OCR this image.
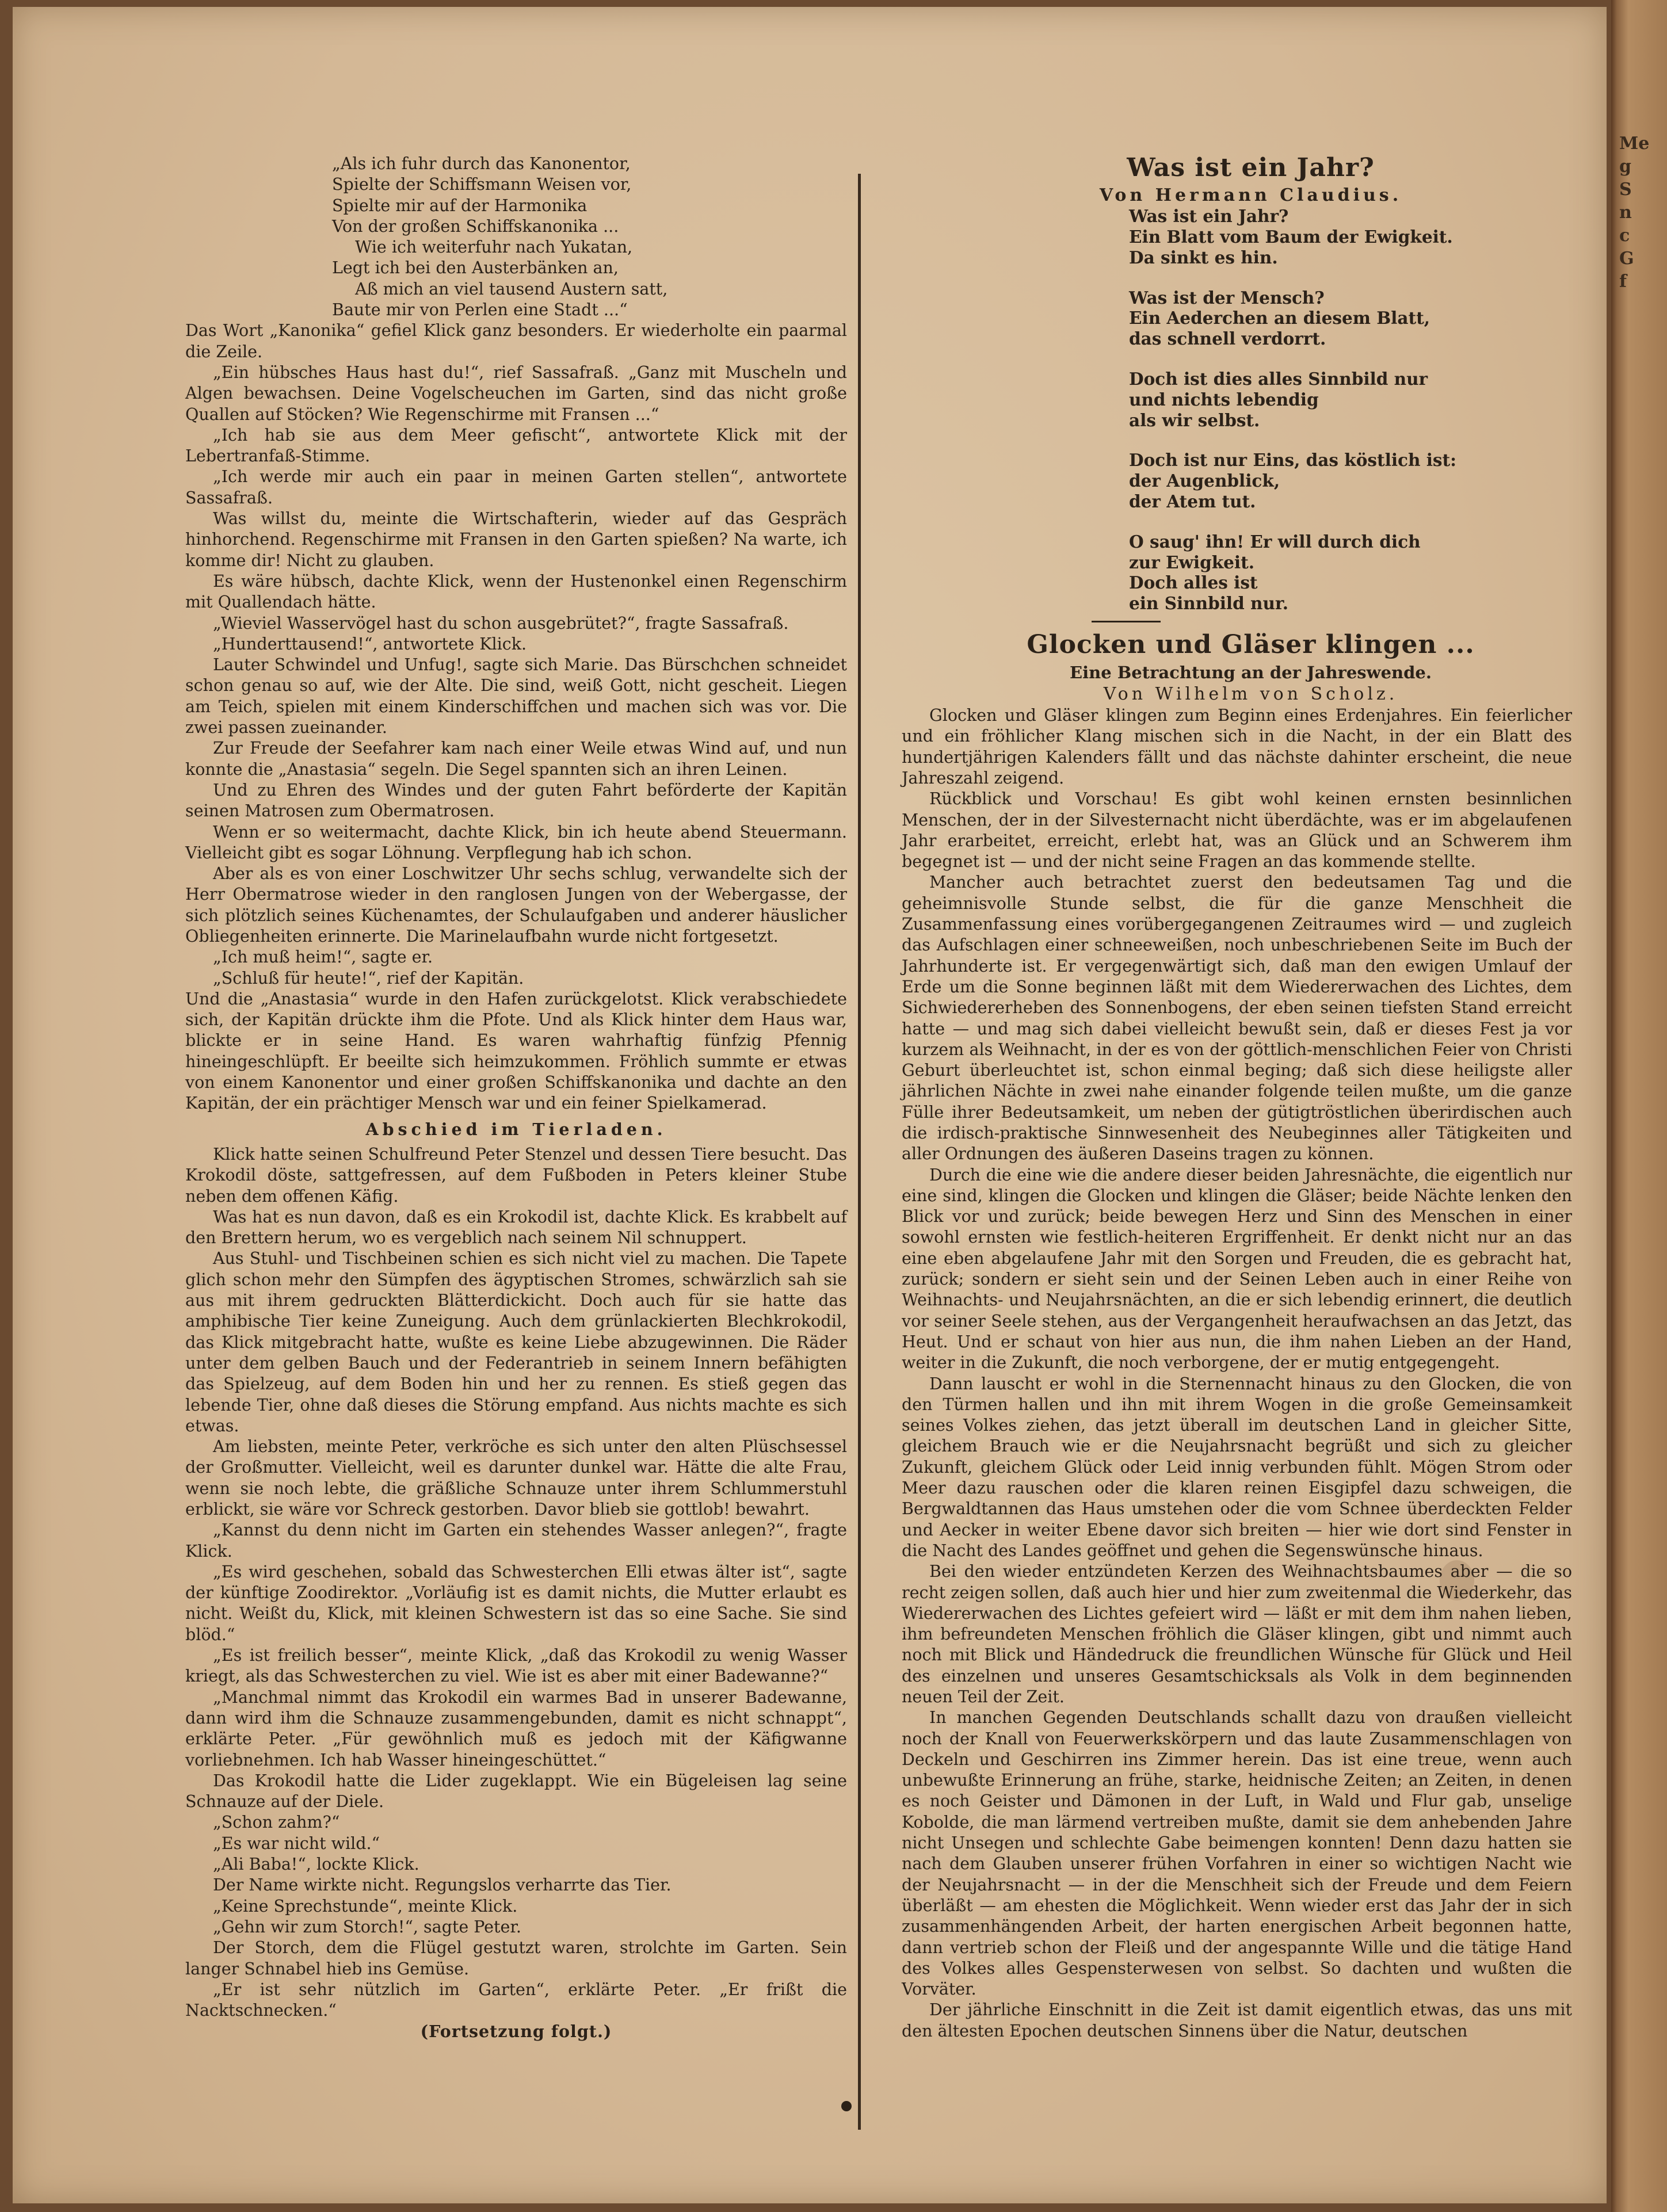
Me
g
S
n
c
G
f
„Als ich fuhr durch das Kanonentor,
Spielte der Schiffsmann Weisen vor,
Spielte mir auf der Harmonika
Von der großen Schiffskanonika ...
Wie ich weiterfuhr nach Yukatan,
Legt ich bei den Austerbänken an,
Aß mich an viel tausend Austern satt,
Baute mir von Perlen eine Stadt ...“

Das Wort „Kanonika“ gefiel Klick ganz besonders. Er wiederholte ein paarmal die Zeile.

„Ein hübsches Haus hast du!“, rief Sassafraß. „Ganz mit Muscheln und Algen bewachsen. Deine Vogelscheuchen im Garten, sind das nicht große Quallen auf Stöcken? Wie Regenschirme mit Fransen ...“

„Ich hab sie aus dem Meer gefischt“, antwortete Klick mit der Lebertranfaß-Stimme.

„Ich werde mir auch ein paar in meinen Garten stellen“, antwortete Sassafraß.

Was willst du, meinte die Wirtschafterin, wieder auf das Gespräch hinhorchend. Regenschirme mit Fransen in den Garten spießen? Na warte, ich komme dir! Nicht zu glauben.

Es wäre hübsch, dachte Klick, wenn der Hustenonkel einen Regenschirm mit Quallendach hätte.

„Wieviel Wasservögel hast du schon ausgebrütet?“, fragte Sassafraß.

„Hunderttausend!“, antwortete Klick.

Lauter Schwindel und Unfug!, sagte sich Marie. Das Bürschchen schneidet schon genau so auf, wie der Alte. Die sind, weiß Gott, nicht gescheit. Liegen am Teich, spielen mit einem Kinderschiffchen und machen sich was vor. Die zwei passen zueinander.

Zur Freude der Seefahrer kam nach einer Weile etwas Wind auf, und nun konnte die „Anastasia“ segeln. Die Segel spannten sich an ihren Leinen.

Und zu Ehren des Windes und der guten Fahrt beförderte der Kapitän seinen Matrosen zum Obermatrosen.

Wenn er so weitermacht, dachte Klick, bin ich heute abend Steuermann. Vielleicht gibt es sogar Löhnung. Verpflegung hab ich schon.

Aber als es von einer Loschwitzer Uhr sechs schlug, verwandelte sich der Herr Obermatrose wieder in den ranglosen Jungen von der Webergasse, der sich plötzlich seines Küchenamtes, der Schulaufgaben und anderer häuslicher Obliegenheiten erinnerte. Die Marinelaufbahn wurde nicht fortgesetzt.

„Ich muß heim!“, sagte er.

„Schluß für heute!“, rief der Kapitän.

Und die „Anastasia“ wurde in den Hafen zurückgelotst. Klick verabschiedete sich, der Kapitän drückte ihm die Pfote. Und als Klick hinter dem Haus war, blickte er in seine Hand. Es waren wahrhaftig fünfzig Pfennig hineingeschlüpft. Er beeilte sich heimzukommen. Fröhlich summte er etwas von einem Kanonentor und einer großen Schiffskanonika und dachte an den Kapitän, der ein prächtiger Mensch war und ein feiner Spielkamerad.

Abschied im Tierladen.

Klick hatte seinen Schulfreund Peter Stenzel und dessen Tiere besucht. Das Krokodil döste, sattgefressen, auf dem Fußboden in Peters kleiner Stube neben dem offenen Käfig.

Was hat es nun davon, daß es ein Krokodil ist, dachte Klick. Es krabbelt auf den Brettern herum, wo es vergeblich nach seinem Nil schnuppert.

Aus Stuhl- und Tischbeinen schien es sich nicht viel zu machen. Die Tapete glich schon mehr den Sümpfen des ägyptischen Stromes, schwärzlich sah sie aus mit ihrem gedruckten Blätterdickicht. Doch auch für sie hatte das amphibische Tier keine Zuneigung. Auch dem grünlackierten Blechkrokodil, das Klick mitgebracht hatte, wußte es keine Liebe abzugewinnen. Die Räder unter dem gelben Bauch und der Federantrieb in seinem Innern befähigten das Spielzeug, auf dem Boden hin und her zu rennen. Es stieß gegen das lebende Tier, ohne daß dieses die Störung empfand. Aus nichts machte es sich etwas.

Am liebsten, meinte Peter, verkröche es sich unter den alten Plüschsessel der Großmutter. Vielleicht, weil es darunter dunkel war. Hätte die alte Frau, wenn sie noch lebte, die gräßliche Schnauze unter ihrem Schlummerstuhl erblickt, sie wäre vor Schreck gestorben. Davor blieb sie gottlob! bewahrt.

„Kannst du denn nicht im Garten ein stehendes Wasser anlegen?“, fragte Klick.

„Es wird geschehen, sobald das Schwesterchen Elli etwas älter ist“, sagte der künftige Zoodirektor. „Vorläufig ist es damit nichts, die Mutter erlaubt es nicht. Weißt du, Klick, mit kleinen Schwestern ist das so eine Sache. Sie sind blöd.“

„Es ist freilich besser“, meinte Klick, „daß das Krokodil zu wenig Wasser kriegt, als das Schwesterchen zu viel. Wie ist es aber mit einer Badewanne?“

„Manchmal nimmt das Krokodil ein warmes Bad in unserer Badewanne, dann wird ihm die Schnauze zusammengebunden, damit es nicht schnappt“, erklärte Peter. „Für gewöhnlich muß es jedoch mit der Käfigwanne vorliebnehmen. Ich hab Wasser hineingeschüttet.“

Das Krokodil hatte die Lider zugeklappt. Wie ein Bügeleisen lag seine Schnauze auf der Diele.

„Schon zahm?“

„Es war nicht wild.“

„Ali Baba!“, lockte Klick.

Der Name wirkte nicht. Regungslos verharrte das Tier.

„Keine Sprechstunde“, meinte Klick.

„Gehn wir zum Storch!“, sagte Peter.

Der Storch, dem die Flügel gestutzt waren, strolchte im Garten. Sein langer Schnabel hieb ins Gemüse.

„Er ist sehr nützlich im Garten“, erklärte Peter. „Er frißt die Nacktschnecken.“

(Fortsetzung folgt.)

Was ist ein Jahr?

Von Hermann Claudius.

Was ist ein Jahr?
Ein Blatt vom Baum der Ewigkeit.
Da sinkt es hin.
Was ist der Mensch?
Ein Aederchen an diesem Blatt,
das schnell verdorrt.
Doch ist dies alles Sinnbild nur
und nichts lebendig
als wir selbst.
Doch ist nur Eins, das köstlich ist:
der Augenblick,
der Atem tut.
O saug' ihn! Er will durch dich
zur Ewigkeit.
Doch alles ist
ein Sinnbild nur.

Glocken und Gläser klingen ...

Eine Betrachtung an der Jahreswende.

Von Wilhelm von Scholz.

Glocken und Gläser klingen zum Beginn eines Erdenjahres. Ein feierlicher und ein fröhlicher Klang mischen sich in die Nacht, in der ein Blatt des hundertjährigen Kalenders fällt und das nächste dahinter erscheint, die neue Jahreszahl zeigend.

Rückblick und Vorschau! Es gibt wohl keinen ernsten besinnlichen Menschen, der in der Silvesternacht nicht überdächte, was er im abgelaufenen Jahr erarbeitet, erreicht, erlebt hat, was an Glück und an Schwerem ihm begegnet ist — und der nicht seine Fragen an das kommende stellte.

Mancher auch betrachtet zuerst den bedeutsamen Tag und die geheimnisvolle Stunde selbst, die für die ganze Menschheit die Zusammenfassung eines vorübergegangenen Zeitraumes wird — und zugleich das Aufschlagen einer schneeweißen, noch unbeschriebenen Seite im Buch der Jahrhunderte ist. Er vergegenwärtigt sich, daß man den ewigen Umlauf der Erde um die Sonne beginnen läßt mit dem Wiedererwachen des Lichtes, dem Sichwiedererheben des Sonnenbogens, der eben seinen tiefsten Stand erreicht hatte — und mag sich dabei vielleicht bewußt sein, daß er dieses Fest ja vor kurzem als Weihnacht, in der es von der göttlich-menschlichen Feier von Christi Geburt überleuchtet ist, schon einmal beging; daß sich diese heiligste aller jährlichen Nächte in zwei nahe einander folgende teilen mußte, um die ganze Fülle ihrer Bedeutsamkeit, um neben der gütigtröstlichen überirdischen auch die irdisch-praktische Sinnwesenheit des Neubeginnes aller Tätigkeiten und aller Ordnungen des äußeren Daseins tragen zu können.

Durch die eine wie die andere dieser beiden Jahresnächte, die eigentlich nur eine sind, klingen die Glocken und klingen die Gläser; beide Nächte lenken den Blick vor und zurück; beide bewegen Herz und Sinn des Menschen in einer sowohl ernsten wie festlich-heiteren Ergriffenheit. Er denkt nicht nur an das eine eben abgelaufene Jahr mit den Sorgen und Freuden, die es gebracht hat, zurück; sondern er sieht sein und der Seinen Leben auch in einer Reihe von Weihnachts- und Neujahrsnächten, an die er sich lebendig erinnert, die deutlich vor seiner Seele stehen, aus der Vergangenheit heraufwachsen an das Jetzt, das Heut. Und er schaut von hier aus nun, die ihm nahen Lieben an der Hand, weiter in die Zukunft, die noch verborgene, der er mutig entgegengeht.

Dann lauscht er wohl in die Sternennacht hinaus zu den Glocken, die von den Türmen hallen und ihn mit ihrem Wogen in die große Gemeinsamkeit seines Volkes ziehen, das jetzt überall im deutschen Land in gleicher Sitte, gleichem Brauch wie er die Neujahrsnacht begrüßt und sich zu gleicher Zukunft, gleichem Glück oder Leid innig verbunden fühlt. Mögen Strom oder Meer dazu rauschen oder die klaren reinen Eisgipfel dazu schweigen, die Bergwaldtannen das Haus umstehen oder die vom Schnee überdeckten Felder und Aecker in weiter Ebene davor sich breiten — hier wie dort sind Fenster in die Nacht des Landes geöffnet und gehen die Segenswünsche hinaus.

Bei den wieder entzündeten Kerzen des Weihnachtsbaumes aber — die so recht zeigen sollen, daß auch hier und hier zum zweitenmal die Wiederkehr, das Wiedererwachen des Lichtes gefeiert wird — läßt er mit dem ihm nahen lieben, ihm befreundeten Menschen fröhlich die Gläser klingen, gibt und nimmt auch noch mit Blick und Händedruck die freundlichen Wünsche für Glück und Heil des einzelnen und unseres Gesamtschicksals als Volk in dem beginnenden neuen Teil der Zeit.

In manchen Gegenden Deutschlands schallt dazu von draußen vielleicht noch der Knall von Feuerwerkskörpern und das laute Zusammenschlagen von Deckeln und Geschirren ins Zimmer herein. Das ist eine treue, wenn auch unbewußte Erinnerung an frühe, starke, heidnische Zeiten; an Zeiten, in denen es noch Geister und Dämonen in der Luft, in Wald und Flur gab, unselige Kobolde, die man lärmend vertreiben mußte, damit sie dem anhebenden Jahre nicht Unsegen und schlechte Gabe beimengen konnten! Denn dazu hatten sie nach dem Glauben unserer frühen Vorfahren in einer so wichtigen Nacht wie der Neujahrsnacht — in der die Menschheit sich der Freude und dem Feiern überläßt — am ehesten die Möglichkeit. Wenn wieder erst das Jahr der in sich zusammenhängenden Arbeit, der harten energischen Arbeit begonnen hatte, dann vertrieb schon der Fleiß und der angespannte Wille und die tätige Hand des Volkes alles Gespensterwesen von selbst. So dachten und wußten die Vorväter.

Der jährliche Einschnitt in die Zeit ist damit eigentlich etwas, das uns mit den ältesten Epochen deutschen Sinnens über die Natur, deutschen
